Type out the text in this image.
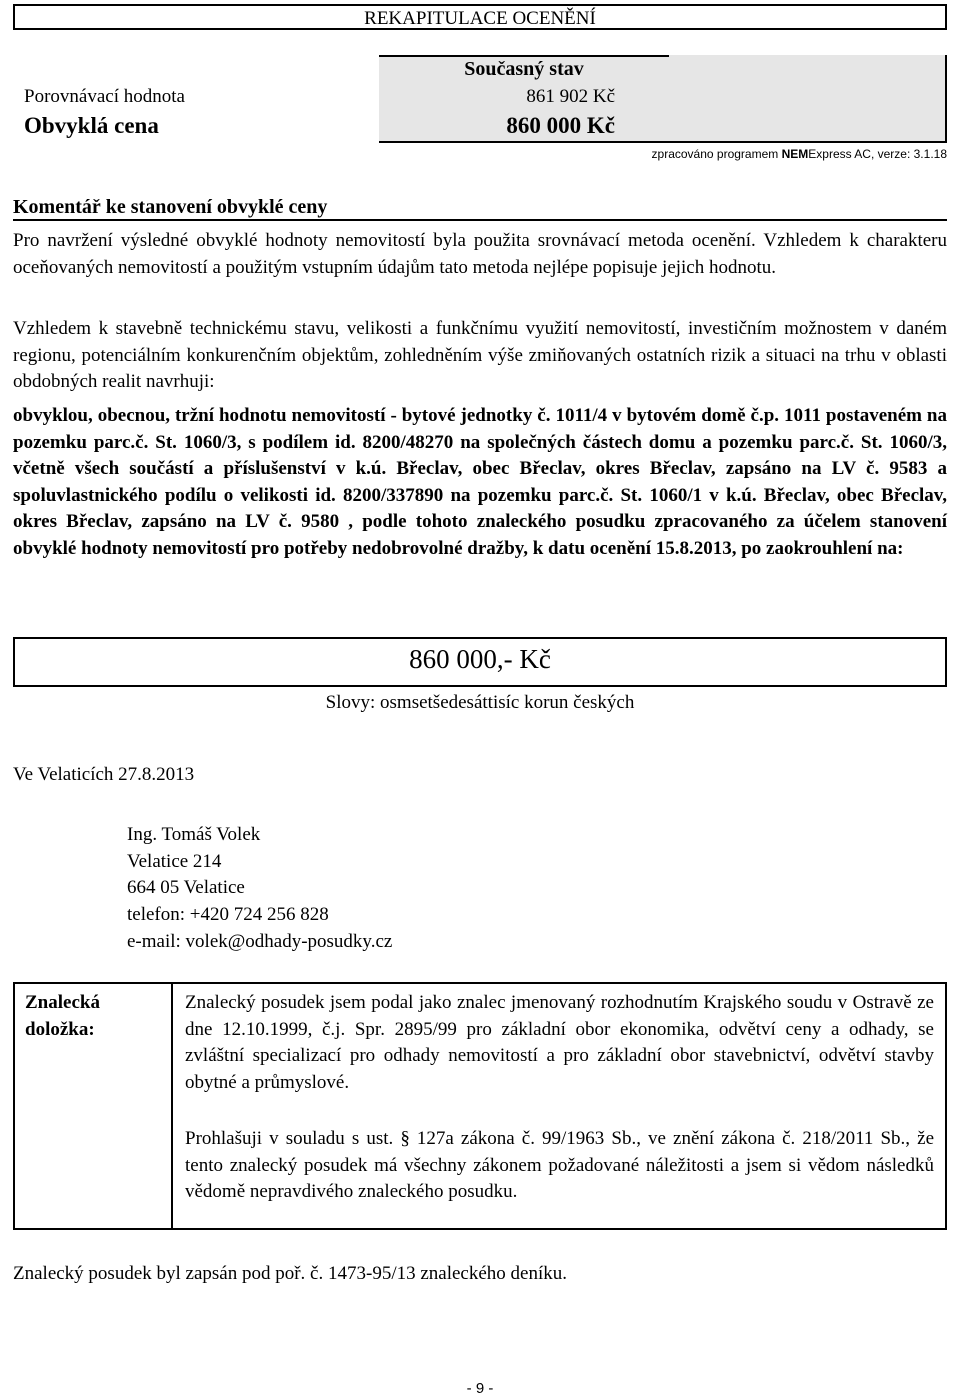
REKAPITULACE OCENĚNÍ
Současný stav
Porovnávací hodnota	861 902 Kč
Obvyklá cena	860 000 Kč
zpracováno programem NEMExpress AC, verze: 3.1.18
Komentář ke stanovení obvyklé ceny

Pro navržení výsledné obvyklé hodnoty nemovitostí byla použita srovnávací metoda ocenění. Vzhledem k charakteru oceňovaných nemovitostí a použitým vstupním údajům tato metoda nejlépe popisuje jejich hodnotu.

Vzhledem k stavebně technickému stavu, velikosti a funkčnímu využití nemovitostí, investičním možnostem v daném regionu, potenciálním konkurenčním objektům, zohledněním výše zmiňovaných ostatních rizik a situaci na trhu v oblasti obdobných realit navrhuji:

obvyklou, obecnou, tržní hodnotu nemovitostí - bytové jednotky č. 1011/4 v bytovém domě č.p. 1011 postaveném na pozemku parc.č. St. 1060/3, s podílem id. 8200/48270 na společných částech domu a pozemku parc.č. St. 1060/3, včetně všech součástí a příslušenství v k.ú. Břeclav, obec Břeclav, okres Břeclav, zapsáno na LV č. 9583 a spoluvlastnického podílu o velikosti id. 8200/337890 na pozemku parc.č. St. 1060/1 v k.ú. Břeclav, obec Břeclav, okres Břeclav, zapsáno na LV č. 9580 , podle tohoto znaleckého posudku zpracovaného za účelem stanovení obvyklé hodnoty nemovitostí pro potřeby nedobrovolné dražby, k datu ocenění 15.8.2013, po zaokrouhlení na:

860 000,- Kč
Slovy: osmsetšedesáttisíc korun českých
Ve Velaticích 27.8.2013
Ing. Tomáš Volek
Velatice 214
664 05 Velatice
telefon: +420 724 256 828
e-mail: volek@odhady-posudky.cz
Znalecká doložka:

Znalecký posudek jsem podal jako znalec jmenovaný rozhodnutím Krajského soudu v Ostravě ze dne 12.10.1999, č.j. Spr. 2895/99 pro základní obor ekonomika, odvětví ceny a odhady, se zvláštní specializací pro odhady nemovitostí a pro základní obor stavebnictví, odvětví stavby obytné a průmyslové.

Prohlašuji v souladu s ust. § 127a zákona č. 99/1963 Sb., ve znění zákona č. 218/2011 Sb., že tento znalecký posudek má všechny zákonem požadované náležitosti a jsem si vědom následků vědomě nepravdivého znaleckého posudku.

Znalecký posudek byl zapsán pod poř. č. 1473-95/13 znaleckého deníku.
- 9 -
